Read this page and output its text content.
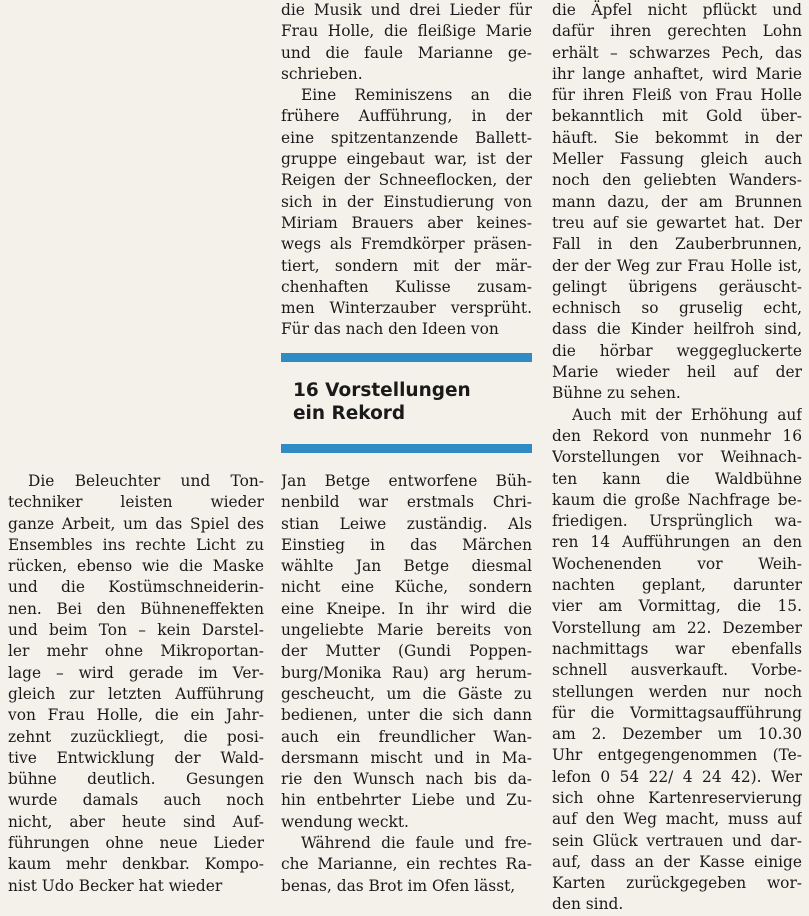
die Musik und drei Lieder für
Frau Holle, die fleißige Marie
und die faule Marianne ge-
schrieben.
Eine Reminiszens an die
frühere Aufführung, in der
eine spitzentanzende Ballett-
gruppe eingebaut war, ist der
Reigen der Schneeflocken, der
sich in der Einstudierung von
Miriam Brauers aber keines-
wegs als Fremdkörper präsen-
tiert, sondern mit der mär-
chenhaften Kulisse zusam-
men Winterzauber versprüht.
Für das nach den Ideen von
16 Vorstellungen
ein Rekord
Die Beleuchter und Ton-
techniker leisten wieder
ganze Arbeit, um das Spiel des
Ensembles ins rechte Licht zu
rücken, ebenso wie die Maske
und die Kostümschneiderin-
nen. Bei den Bühneneffekten
und beim Ton – kein Darstel-
ler mehr ohne Mikroportan-
lage – wird gerade im Ver-
gleich zur letzten Aufführung
von Frau Holle, die ein Jahr-
zehnt zuzückliegt, die posi-
tive Entwicklung der Wald-
bühne deutlich. Gesungen
wurde damals auch noch
nicht, aber heute sind Auf-
führungen ohne neue Lieder
kaum mehr denkbar. Kompo-
nist Udo Becker hat wieder
Jan Betge entworfene Büh-
nenbild war erstmals Chri-
stian Leiwe zuständig. Als
Einstieg in das Märchen
wählte Jan Betge diesmal
nicht eine Küche, sondern
eine Kneipe. In ihr wird die
ungeliebte Marie bereits von
der Mutter (Gundi Poppen-
burg/Monika Rau) arg herum-
gescheucht, um die Gäste zu
bedienen, unter die sich dann
auch ein freundlicher Wan-
dersmann mischt und in Ma-
rie den Wunsch nach bis da-
hin entbehrter Liebe und Zu-
wendung weckt.
Während die faule und fre-
che Marianne, ein rechtes Ra-
benas, das Brot im Ofen lässt,
die Äpfel nicht pflückt und
dafür ihren gerechten Lohn
erhält – schwarzes Pech, das
ihr lange anhaftet, wird Marie
für ihren Fleiß von Frau Holle
bekanntlich mit Gold über-
häuft. Sie bekommt in der
Meller Fassung gleich auch
noch den geliebten Wanders-
mann dazu, der am Brunnen
treu auf sie gewartet hat. Der
Fall in den Zauberbrunnen,
der der Weg zur Frau Holle ist,
gelingt übrigens geräuscht-
echnisch so gruselig echt,
dass die Kinder heilfroh sind,
die hörbar weggegluckerte
Marie wieder heil auf der
Bühne zu sehen.
Auch mit der Erhöhung auf
den Rekord von nunmehr 16
Vorstellungen vor Weihnach-
ten kann die Waldbühne
kaum die große Nachfrage be-
friedigen. Ursprünglich wa-
ren 14 Aufführungen an den
Wochenenden vor Weih-
nachten geplant, darunter
vier am Vormittag, die 15.
Vorstellung am 22. Dezember
nachmittags war ebenfalls
schnell ausverkauft. Vorbe-
stellungen werden nur noch
für die Vormittagsaufführung
am 2. Dezember um 10.30
Uhr entgegengenommen (Te-
lefon 0 54 22/ 4 24 42). Wer
sich ohne Kartenreservierung
auf den Weg macht, muss auf
sein Glück vertrauen und dar-
auf, dass an der Kasse einige
Karten zurückgegeben wor-
den sind.
